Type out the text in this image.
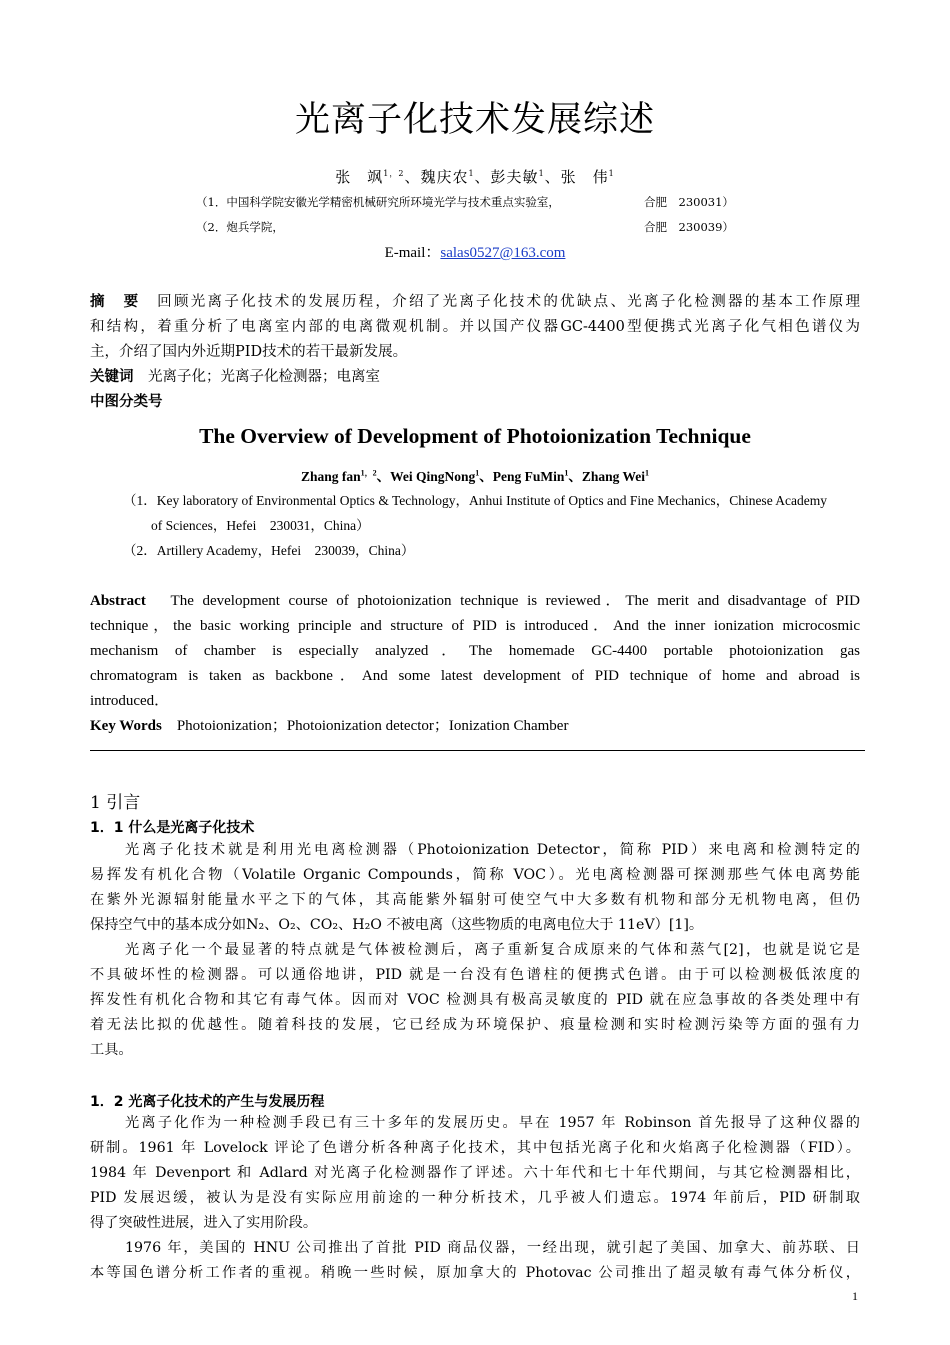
光离子化技术发展综述
张　飒$^{1,2}$、魏庆农$^1$、彭夫敏$^1$、张　伟$^1$
（1．中国科学院安徽光学精密机械研究所环境光学与技术重点实验室，	合肥　230031）
（2．炮兵学院，	合肥　230039）
E-mail：salas0527@163.com
摘　要　 回顾光离子化技术的发展历程，介绍了光离子化技术的优缺点、光离子化检测器的基本工作原理
和结构，着重分析了电离室内部的电离微观机制。并以国产仪器GC-4400型便携式光离子化气相色谱仪为
主，介绍了国内外近期PID技术的若干最新发展。
关键词　 光离子化；光离子化检测器；电离室
中图分类号
The Overview of Development of Photoionization Technique
Zhang fan$^{1,2}$、Wei QingNong$^1$、Peng FuMin$^1$、Zhang Wei$^1$
（1．Key laboratory of Environmental Optics & Technology，Anhui Institute of Optics and Fine Mechanics，Chinese Academy
of Sciences，Hefei　230031，China）
（2．Artillery Academy，Hefei　230039，China）
Abstract　 The development course of photoionization technique is reviewed．The merit and disadvantage of PID
technique，the basic working principle and structure of PID is introduced．And the inner ionization microcosmic
mechanism of chamber is especially analyzed．The homemade GC-4400 portable photoionization gas
chromatogram is taken as backbone．And some latest development of PID technique of home and abroad is
introduced．
Key Words　 Photoionization；Photoionization detector；Ionization Chamber
1 引言
1．1 什么是光离子化技术
光离子化技术就是利用光电离检测器（Photoionization Detector，简称 PID）来电离和检测特定的
易挥发有机化合物（Volatile Organic Compounds，简称 VOC）。光电离检测器可探测那些气体电离势能
在紫外光源辐射能量水平之下的气体，其高能紫外辐射可使空气中大多数有机物和部分无机物电离，但仍
保持空气中的基本成分如N₂、O₂、CO₂、H₂O 不被电离（这些物质的电离电位大于 11eV）[1]。
光离子化一个最显著的特点就是气体被检测后，离子重新复合成原来的气体和蒸气[2]，也就是说它是
不具破坏性的检测器。可以通俗地讲，PID 就是一台没有色谱柱的便携式色谱。由于可以检测极低浓度的
挥发性有机化合物和其它有毒气体。因而对 VOC 检测具有极高灵敏度的 PID 就在应急事故的各类处理中有
着无法比拟的优越性。随着科技的发展，它已经成为环境保护、痕量检测和实时检测污染等方面的强有力
工具。
1．2 光离子化技术的产生与发展历程
光离子化作为一种检测手段已有三十多年的发展历史。早在 1957 年 Robinson 首先报导了这种仪器的
研制。1961 年 Lovelock 评论了色谱分析各种离子化技术，其中包括光离子化和火焰离子化检测器（FID）。
1984 年 Devenport 和 Adlard 对光离子化检测器作了评述。六十年代和七十年代期间，与其它检测器相比，
PID 发展迟缓，被认为是没有实际应用前途的一种分析技术，几乎被人们遗忘。1974 年前后，PID 研制取
得了突破性进展，进入了实用阶段。
1976 年，美国的 HNU 公司推出了首批 PID 商品仪器，一经出现，就引起了美国、加拿大、前苏联、日
本等国色谱分析工作者的重视。稍晚一些时候，原加拿大的 Photovac 公司推出了超灵敏有毒气体分析仪，
1
